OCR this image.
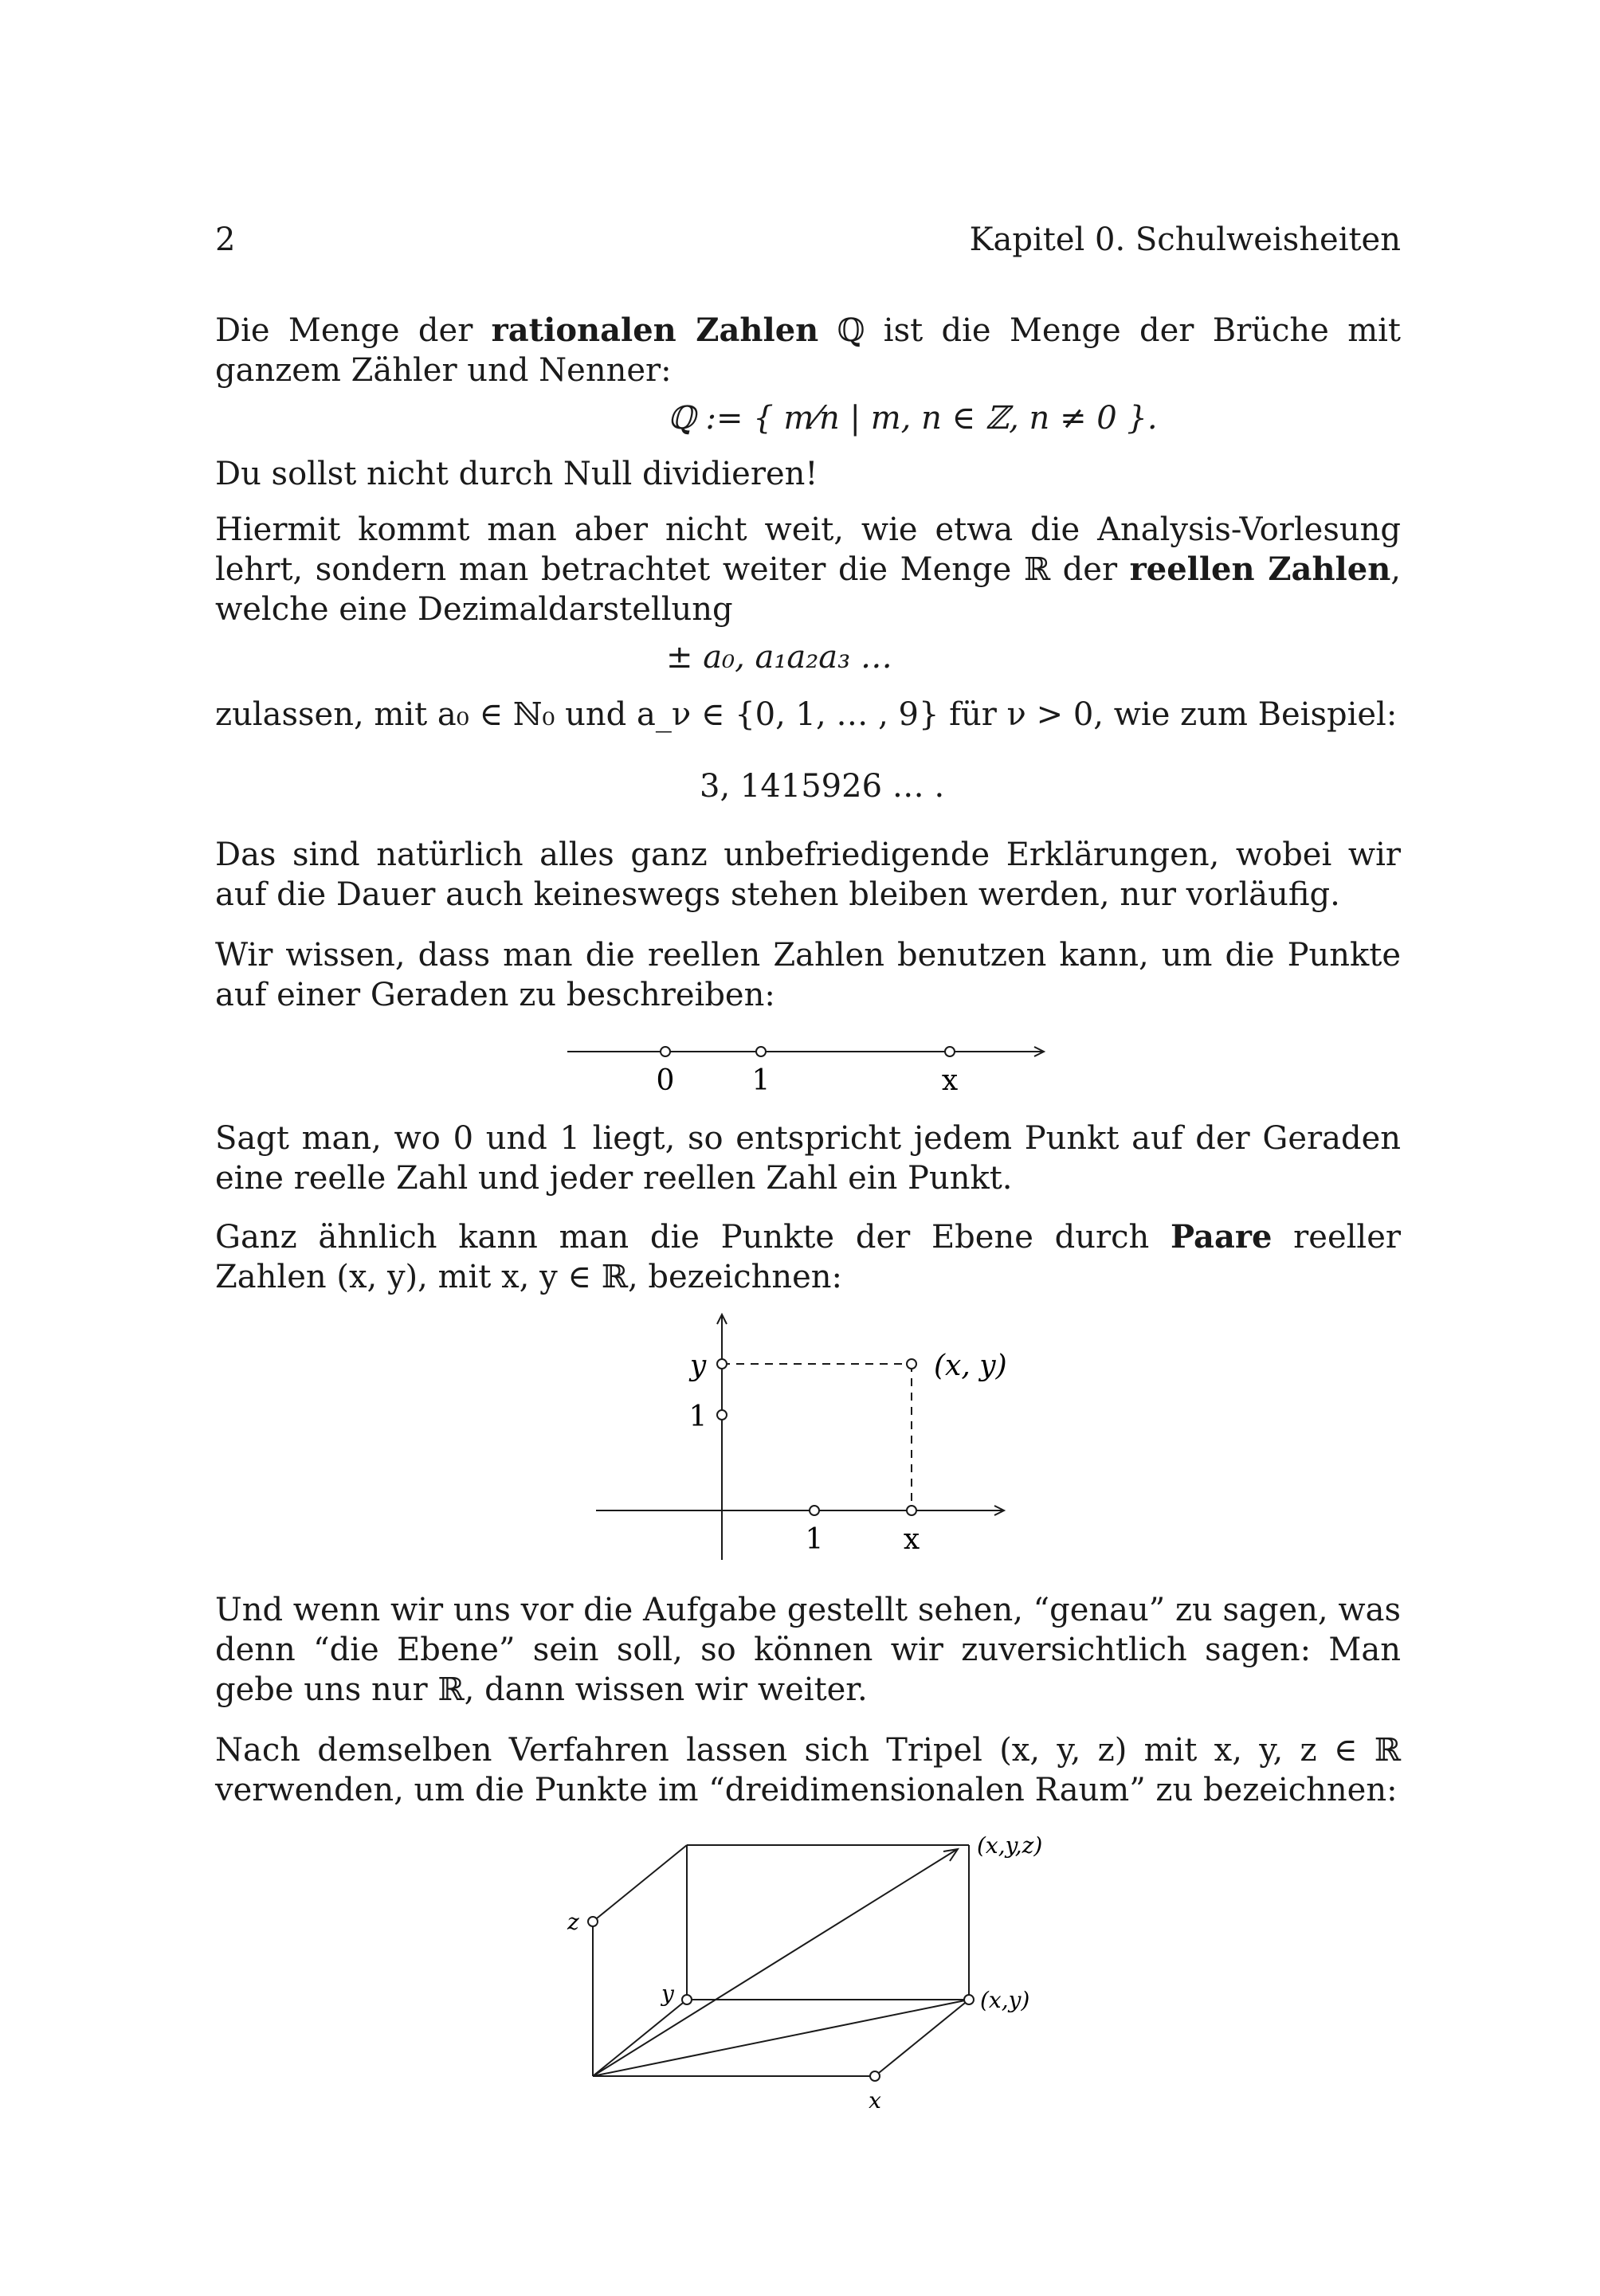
2	Kapitel 0. Schulweisheiten
Die Menge der rationalen Zahlen ℚ ist die Menge der Brüche mit ganzem Zähler und Nenner:
ℚ := { m⁄n | m, n ∈ ℤ, n ≠ 0 }.
Du sollst nicht durch Null dividieren!
Hiermit kommt man aber nicht weit, wie etwa die Analysis-Vorlesung lehrt, sondern man betrachtet weiter die Menge ℝ der reellen Zahlen, welche eine Dezimaldarstellung
± a₀, a₁a₂a₃ …
zulassen, mit a₀ ∈ ℕ₀ und a_ν ∈ {0, 1, … , 9} für ν > 0, wie zum Beispiel:
3, 1415926 … .
Das sind natürlich alles ganz unbefriedigende Erklärungen, wobei wir auf die Dauer auch keineswegs stehen bleiben werden, nur vorläufig.
Wir wissen, dass man die reellen Zahlen benutzen kann, um die Punkte auf einer Geraden zu beschreiben:
0	1	x
Sagt man, wo 0 und 1 liegt, so entspricht jedem Punkt auf der Geraden eine reelle Zahl und jeder reellen Zahl ein Punkt.
Ganz ähnlich kann man die Punkte der Ebene durch Paare reeller Zahlen (x, y), mit x, y ∈ ℝ, bezeichnen:
y
1
(x, y)
1	x
Und wenn wir uns vor die Aufgabe gestellt sehen, “genau” zu sagen, was denn “die Ebene” sein soll, so können wir zuversichtlich sagen: Man gebe uns nur ℝ, dann wissen wir weiter.
Nach demselben Verfahren lassen sich Tripel (x, y, z) mit x, y, z ∈ ℝ verwenden, um die Punkte im “dreidimensionalen Raum” zu bezeichnen:
(x,y,z)
z
y	(x,y)
x
